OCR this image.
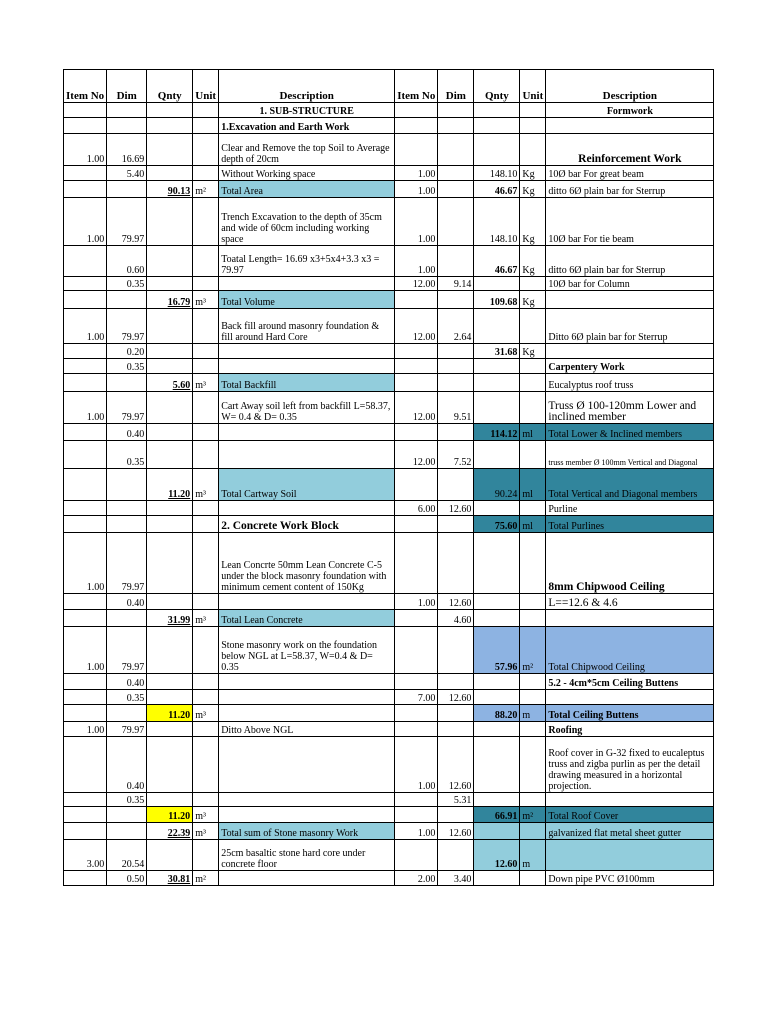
Item No	Dim	Qnty	Unit	Description	Item No	Dim	Qnty	Unit	Description
				1. SUB-STRUCTURE					Formwork
				1.Excavation and Earth Work					
1.00	16.69			Clear and Remove the top Soil to Average depth of 20cm					Reinforcement Work
	5.40			Without Working space	1.00		148.10	Kg	10Ø bar For great beam
		90.13	m²	Total Area	1.00		46.67	Kg	ditto 6Ø plain bar for Sterrup
1.00	79.97			Trench Excavation to the depth of 35cm and wide of 60cm including working space	1.00		148.10	Kg	10Ø bar For tie beam
	0.60			Toatal Length= 16.69 x3+5x4+3.3 x3 = 79.97	1.00		46.67	Kg	ditto 6Ø plain bar for Sterrup
	0.35				12.00	9.14			10Ø bar for Column
		16.79	m³	Total Volume			109.68	Kg	
1.00	79.97			Back fill around masonry foundation & fill around Hard Core	12.00	2.64			Ditto 6Ø plain bar for Sterrup
	0.20						31.68	Kg	
	0.35								Carpentery Work
		5.60	m³	Total Backfill					Eucalyptus roof truss
1.00	79.97			Cart Away soil left from backfill L=58.37, W= 0.4 & D= 0.35	12.00	9.51			Truss Ø 100-120mm Lower and inclined member
	0.40						114.12	ml	Total Lower & Inclined members
	0.35				12.00	7.52			truss member Ø 100mm Vertical and Diagonal
		11.20	m³	Total Cartway Soil			90.24	ml	Total Vertical and Diagonal members
					6.00	12.60			Purline
				2. Concrete Work Block			75.60	ml	Total Purlines
1.00	79.97			Lean Concrte 50mm Lean Concrete C-5 under the block masonry foundation with minimum cement content of 150Kg					8mm Chipwood Ceiling
	0.40				1.00	12.60			L==12.6 & 4.6
		31.99	m³	Total Lean Concrete		4.60			
1.00	79.97			Stone masonry work on the foundation below NGL at L=58.37, W=0.4 & D= 0.35			57.96	m²	Total Chipwood Ceiling
	0.40								5.2 - 4cm*5cm Ceiling Buttens
	0.35				7.00	12.60			
		11.20	m³				88.20	m	Total Ceiling Buttens
1.00	79.97			Ditto Above NGL					Roofing
	0.40				1.00	12.60			Roof cover in G-32 fixed to eucaleptus truss and zigba purlin as per the detail drawing measured in a horizontal projection.
	0.35					5.31			
		11.20	m³				66.91	m²	Total Roof Cover
		22.39	m³	Total sum of Stone masonry Work	1.00	12.60			galvanized flat metal sheet gutter
3.00	20.54			25cm basaltic stone hard core under concrete floor			12.60	m	
	0.50	30.81	m²		2.00	3.40			Down pipe PVC Ø100mm
